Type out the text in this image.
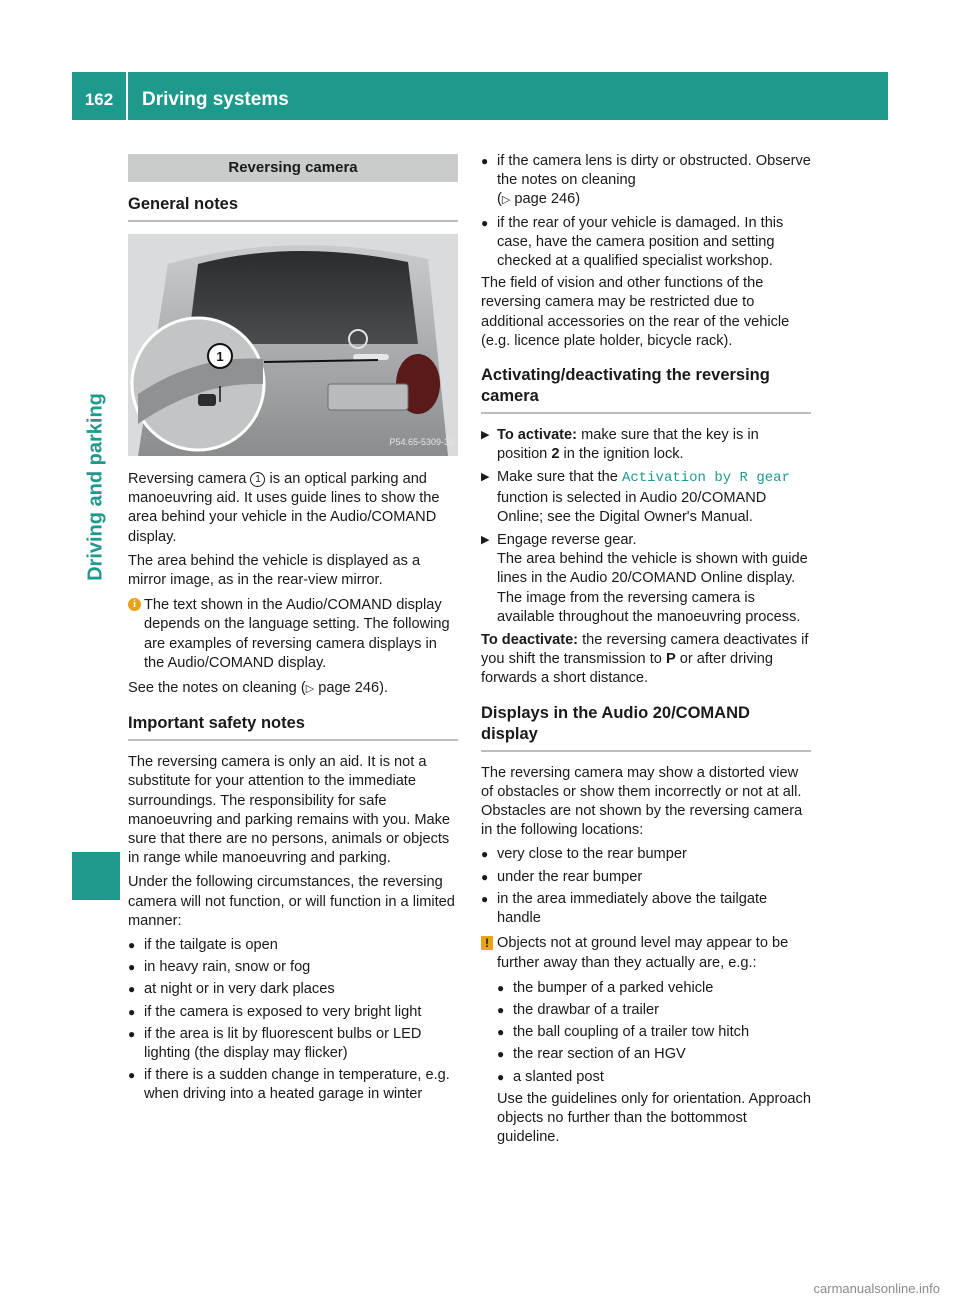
162	Driving systems
Driving and parking
Reversing camera
General notes
1
P54.65-5309-31

Reversing camera 1 is an optical parking and manoeuvring aid. It uses guide lines to show the area behind your vehicle in the Audio/COMAND display.

The area behind the vehicle is displayed as a mirror image, as in the rear-view mirror.

i The text shown in the Audio/COMAND display depends on the language setting. The following are examples of reversing camera displays in the Audio/COMAND display.

See the notes on cleaning (▷ page 246).

Important safety notes

The reversing camera is only an aid. It is not a substitute for your attention to the immediate surroundings. The responsibility for safe manoeuvring and parking remains with you. Make sure that there are no persons, animals or objects in range while manoeuvring and parking.

Under the following circumstances, the reversing camera will not function, or will function in a limited manner:

● if the tailgate is open
● in heavy rain, snow or fog
● at night or in very dark places
● if the camera is exposed to very bright light
● if the area is lit by fluorescent bulbs or LED lighting (the display may flicker)
● if there is a sudden change in temperature, e.g. when driving into a heated garage in winter
● if the camera lens is dirty or obstructed. Observe the notes on cleaning
(▷ page 246)
● if the rear of your vehicle is damaged. In this case, have the camera position and setting checked at a qualified specialist workshop.

The field of vision and other functions of the reversing camera may be restricted due to additional accessories on the rear of the vehicle (e.g. licence plate holder, bicycle rack).

Activating/deactivating the reversing camera
▶ To activate: make sure that the key is in position 2 in the ignition lock.
▶ Make sure that the Activation by R gear function is selected in Audio 20/COMAND Online; see the Digital Owner's Manual.
▶ Engage reverse gear.
The area behind the vehicle is shown with guide lines in the Audio 20/COMAND Online display.
The image from the reversing camera is available throughout the manoeuvring process.

To deactivate: the reversing camera deactivates if you shift the transmission to P or after driving forwards a short distance.

Displays in the Audio 20/COMAND display

The reversing camera may show a distorted view of obstacles or show them incorrectly or not at all. Obstacles are not shown by the reversing camera in the following locations:

● very close to the rear bumper
● under the rear bumper
● in the area immediately above the tailgate handle
! Objects not at ground level may appear to be further away than they actually are, e.g.:
● the bumper of a parked vehicle
● the drawbar of a trailer
● the ball coupling of a trailer tow hitch
● the rear section of an HGV
● a slanted post

Use the guidelines only for orientation. Approach objects no further than the bottommost guideline.

carmanualsonline.info
